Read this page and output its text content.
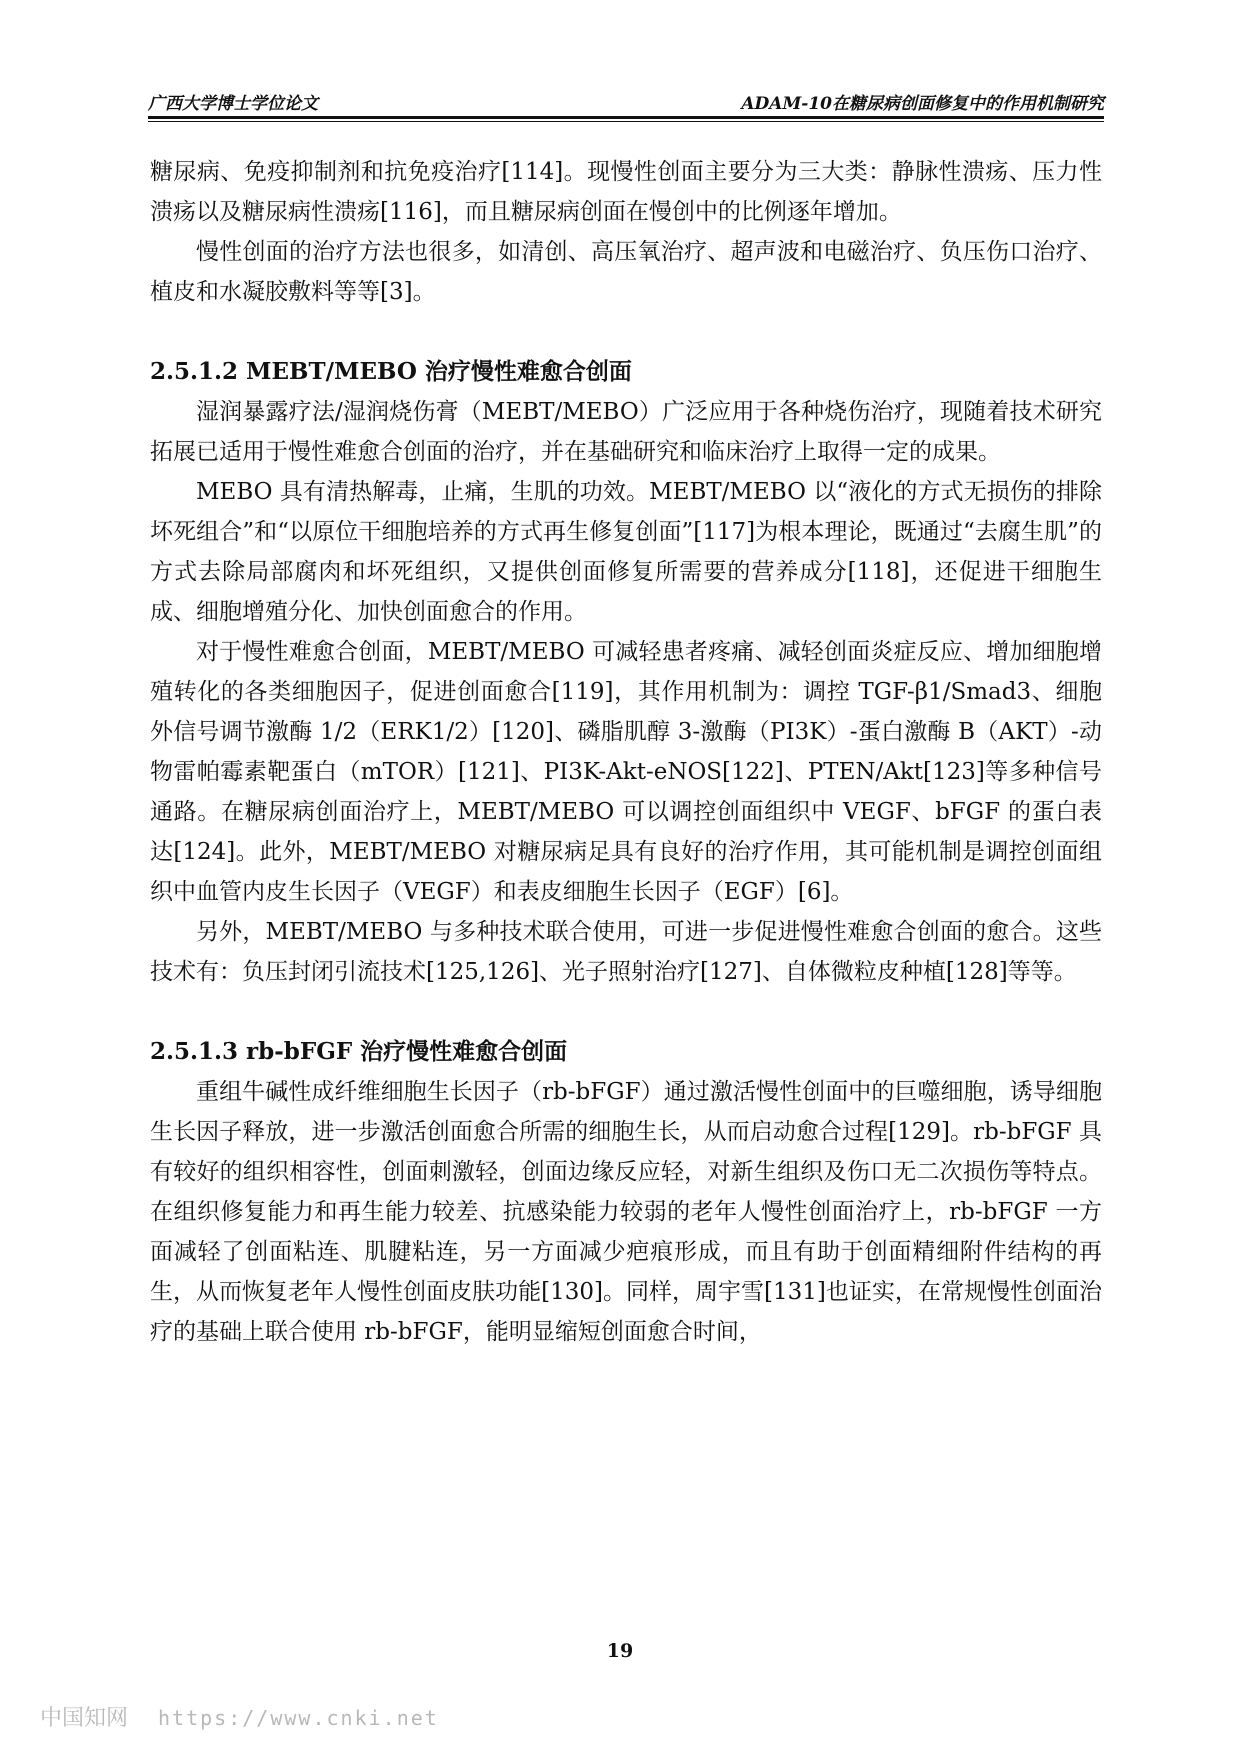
广西大学博士学位论文	ADAM-10在糖尿病创面修复中的作用机制研究

糖尿病、免疫抑制剂和抗免疫治疗[114]。现慢性创面主要分为三大类：静脉性溃疡、压力性溃疡以及糖尿病性溃疡[116]，而且糖尿病创面在慢创中的比例逐年增加。

慢性创面的治疗方法也很多，如清创、高压氧治疗、超声波和电磁治疗、负压伤口治疗、植皮和水凝胶敷料等等[3]。

2.5.1.2 MEBT/MEBO 治疗慢性难愈合创面

湿润暴露疗法/湿润烧伤膏（MEBT/MEBO）广泛应用于各种烧伤治疗，现随着技术研究拓展已适用于慢性难愈合创面的治疗，并在基础研究和临床治疗上取得一定的成果。

MEBO 具有清热解毒，止痛，生肌的功效。MEBT/MEBO 以“液化的方式无损伤的排除坏死组合”和“以原位干细胞培养的方式再生修复创面”[117]为根本理论，既通过“去腐生肌”的方式去除局部腐肉和坏死组织，又提供创面修复所需要的营养成分[118]，还促进干细胞生成、细胞增殖分化、加快创面愈合的作用。

对于慢性难愈合创面，MEBT/MEBO 可减轻患者疼痛、减轻创面炎症反应、增加细胞增殖转化的各类细胞因子，促进创面愈合[119]，其作用机制为：调控 TGF-β1/Smad3、细胞外信号调节激酶 1/2（ERK1/2）[120]、磷脂肌醇 3-激酶（PI3K）-蛋白激酶 B（AKT）-动物雷帕霉素靶蛋白（mTOR）[121]、PI3K-Akt-eNOS[122]、PTEN/Akt[123]等多种信号通路。在糖尿病创面治疗上，MEBT/MEBO 可以调控创面组织中 VEGF、bFGF 的蛋白表达[124]。此外，MEBT/MEBO 对糖尿病足具有良好的治疗作用，其可能机制是调控创面组织中血管内皮生长因子（VEGF）和表皮细胞生长因子（EGF）[6]。

另外，MEBT/MEBO 与多种技术联合使用，可进一步促进慢性难愈合创面的愈合。这些技术有：负压封闭引流技术[125,126]、光子照射治疗[127]、自体微粒皮种植[128]等等。

2.5.1.3 rb-bFGF 治疗慢性难愈合创面

重组牛碱性成纤维细胞生长因子（rb-bFGF）通过激活慢性创面中的巨噬细胞，诱导细胞生长因子释放，进一步激活创面愈合所需的细胞生长，从而启动愈合过程[129]。rb-bFGF 具有较好的组织相容性，创面刺激轻，创面边缘反应轻，对新生组织及伤口无二次损伤等特点。在组织修复能力和再生能力较差、抗感染能力较弱的老年人慢性创面治疗上，rb-bFGF 一方面减轻了创面粘连、肌腱粘连，另一方面减少疤痕形成，而且有助于创面精细附件结构的再生，从而恢复老年人慢性创面皮肤功能[130]。同样，周宇雪[131]也证实，在常规慢性创面治疗的基础上联合使用 rb-bFGF，能明显缩短创面愈合时间，

19
中国知网 https://www.cnki.net
